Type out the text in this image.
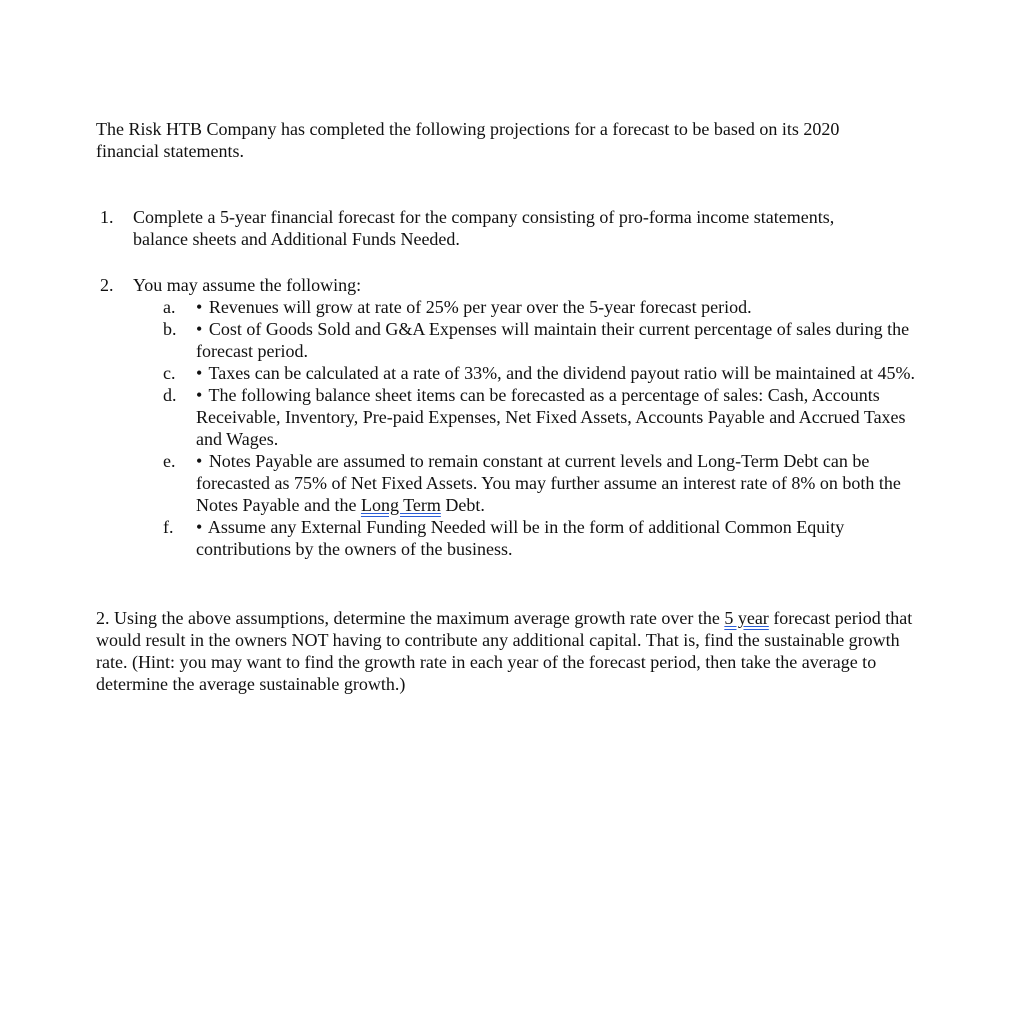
The Risk HTB Company has completed the following projections for a forecast to be based on its 2020 financial statements.
1. Complete a 5-year financial forecast for the company consisting of pro-forma income statements, balance sheets and Additional Funds Needed.
2. You may assume the following:
a. • Revenues will grow at rate of 25% per year over the 5-year forecast period.
b. • Cost of Goods Sold and G&A Expenses will maintain their current percentage of sales during the forecast period.
c. • Taxes can be calculated at a rate of 33%, and the dividend payout ratio will be maintained at 45%.
d. • The following balance sheet items can be forecasted as a percentage of sales: Cash, Accounts Receivable, Inventory, Pre-paid Expenses, Net Fixed Assets, Accounts Payable and Accrued Taxes and Wages.
e. • Notes Payable are assumed to remain constant at current levels and Long-Term Debt can be forecasted as 75% of Net Fixed Assets. You may further assume an interest rate of 8% on both the Notes Payable and the Long Term Debt.
f. • Assume any External Funding Needed will be in the form of additional Common Equity contributions by the owners of the business.
2. Using the above assumptions, determine the maximum average growth rate over the 5 year forecast period that would result in the owners NOT having to contribute any additional capital. That is, find the sustainable growth rate. (Hint: you may want to find the growth rate in each year of the forecast period, then take the average to determine the average sustainable growth.)
